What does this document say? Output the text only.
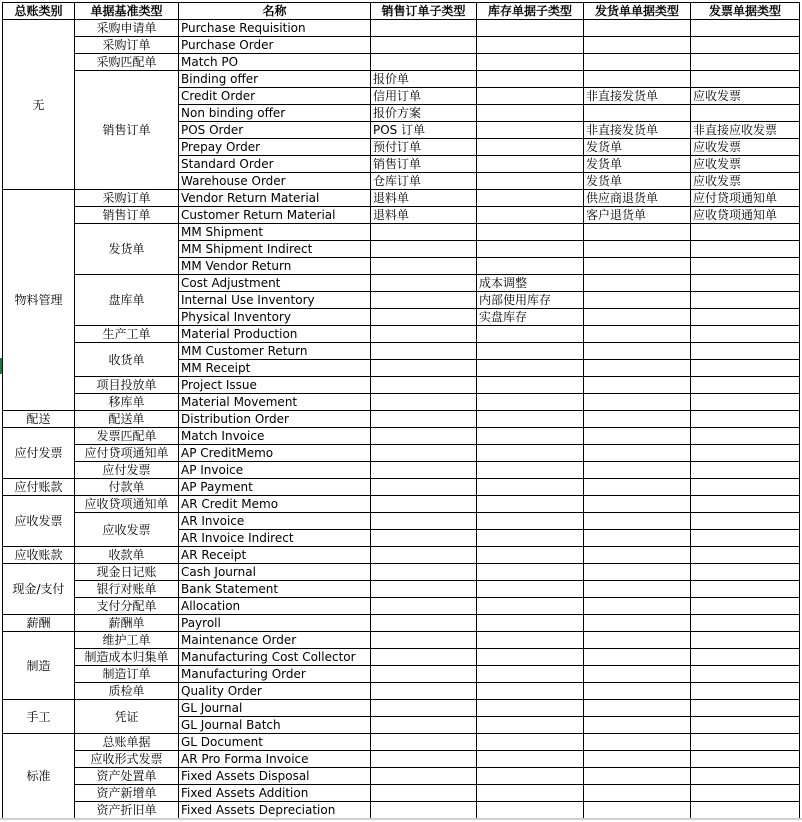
总账类别	单据基准类型	名称	销售订单子类型	库存单据子类型	发货单单据类型	发票单据类型
无	采购申请单	Purchase Requisition				
	采购订单	Purchase Order				
	采购匹配单	Match PO				
	销售订单	Binding offer	报价单			
		Credit Order	信用订单		非直接发货单	应收发票
		Non binding offer	报价方案			
		POS Order	POS 订单		非直接发货单	非直接应收发票
		Prepay Order	预付订单		发货单	应收发票
		Standard Order	销售订单		发货单	应收发票
		Warehouse Order	仓库订单		发货单	应收发票
物料管理	采购订单	Vendor Return Material	退料单		供应商退货单	应付贷项通知单
	销售订单	Customer Return Material	退料单		客户退货单	应收贷项通知单
	发货单	MM Shipment				
		MM Shipment Indirect				
		MM Vendor Return				
	盘库单	Cost Adjustment		成本调整		
		Internal Use Inventory		内部使用库存		
		Physical Inventory		实盘库存		
	生产工单	Material Production				
	收货单	MM Customer Return				
		MM Receipt				
	项目投放单	Project Issue				
	移库单	Material Movement				
配送	配送单	Distribution Order				
应付发票	发票匹配单	Match Invoice				
	应付贷项通知单	AP CreditMemo				
	应付发票	AP Invoice				
应付账款	付款单	AP Payment				
应收发票	应收贷项通知单	AR Credit Memo				
	应收发票	AR Invoice				
		AR Invoice Indirect				
应收账款	收款单	AR Receipt				
现金/支付	现金日记账	Cash Journal				
	银行对账单	Bank Statement				
	支付分配单	Allocation				
薪酬	薪酬单	Payroll				
制造	维护工单	Maintenance Order				
	制造成本归集单	Manufacturing Cost Collector				
	制造订单	Manufacturing Order				
	质检单	Quality Order				
手工	凭证	GL Journal				
		GL Journal Batch				
标准	总账单据	GL Document				
	应收形式发票	AR Pro Forma Invoice				
	资产处置单	Fixed Assets Disposal				
	资产新增单	Fixed Assets Addition				
	资产折旧单	Fixed Assets Depreciation				
